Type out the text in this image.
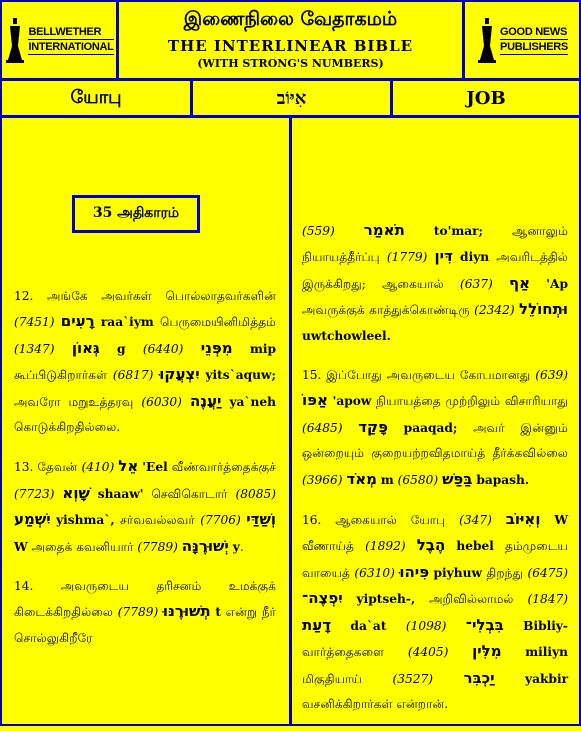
BELLWETHER
INTERNATIONAL
இணைநிலை வேதாகமம்
THE INTERLINEAR BIBLE
(WITH STRONG'S NUMBERS)
GOOD NEWS
PUBLISHERS
யோபு	אִיּוֹב	JOB
35 அதிகாரம்
12. அங்கே அவர்கள் பொல்லாதவர்களின் (7451) רָעִים raa`iym பெருமையினிமித்தம் (1347) גְּאוֹן g (6440) מִפְּנֵי mip கூப்பிடுகிறார்கள் (6817) יִצְעֲקוּ yits`aquw; அவரோ மறுஉத்தரவு (6030) יַעֲנֶה ya`neh கொடுக்கிறதில்லை.
13. தேவன் (410) אֵל 'Eel வீண்வார்த்தைக்குச் (7723) שָׁוְא shaaw' செவிகொடார் (8085) יִשְׁמַע yishma`, சர்வவல்லவர் (7706) וְשַׁדַּי W அதைக் கவனியார் (7789) יְשׁוּרֶנָּה y.
14. அவருடைய தரிசனம் உமக்குக் கிடைக்கிறதில்லை (7789) תְשׁוּרֶנּוּ t என்று நீர் சொல்லுகிறீரே
(559) תֹאמַר to'mar; ஆனாலும் நியாயத்தீர்ப்பு (1779) דִּין diyn அவரிடத்தில் இருக்கிறது; ஆகையால் (637) אַף 'Ap அவருக்குக் காத்துக்கொண்டிரு (2342) וּתְחוֹלֵל uwtchowleel.
15. இப்போது அவருடைய கோபமானது (639) אַפּוֹ 'apow நியாயத்தை முற்றிலும் விசாரியாது (6485) פָּקַד paaqad; அவர் இன்னும் ஒன்றையும் குறையற்றவிதமாய்த் தீர்க்கவில்லை (3966) מְאֹד m (6580) בַּפַּשׁ bapash.
16. ஆகையால் யோபு (347) וְאִיּוֹב W வீணாய்த் (1892) הֶבֶל hebel தம்முடைய வாயைத் (6310) פִּיהוּ piyhuw திறந்து (6475) יִפְצֶה־ yiptseh-, அறிவில்லாமல் (1847) דָעַת da`at (1098) בִּבְלִי־ Bibliy- வார்த்தைகளை (4405) מִלִּין miliyn மிகுதியாய் (3527) יַכְבִּר yakbir வசனிக்கிறார்கள் என்றான்.
